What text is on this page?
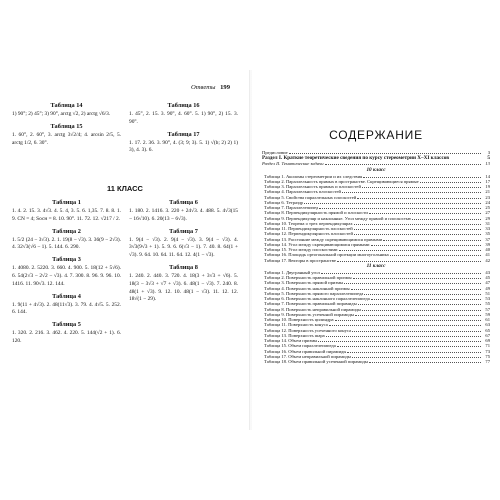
Ответы 199
Таблица 14
1) 90°; 2) 45°; 3) 90°, arctg √2, 2) arctg √6/3.
Таблица 15
1. 60°, 2. 60°, 3. arctg 3√2/4; 4. arcsin 2/5, 5. arctg 1/2, 6. 30°.
Таблица 16
1. 45°, 2. 15. 3. 90°, 4. 60°. 5. 1) 90°, 2) 15. 3. 90°.
Таблица 17
1. 17. 2. 36. 3. 90°, 4. (3; 9; 3). 5. 1) √(b; 2) 2) 1) 3), 4. 3). 6.
11 КЛАСС
Таблица 1
1. 4. 2. 15. 3. 4√3. 4. 5. 4, 3. 5. 6. 1,35. 7. 8. 8. 1. 9. CN = 4; Sосн = 8. 10. 90°. 11. 72. 12. √217 / 2.
Таблица 2
1. 5/2 (24 − 3√3). 2. 1. 19(8 − √3). 3. 36(9 − 2√3). 4. 32√3(√6 − 1). 5. 144. 6. 290.
Таблица 3
1. 4080. 2. 5220. 3. 660. 4. 900. 5. 18(12 + 5√6). 6. 54(2√3 − 2√2 − √3). 4. 7. 300. 8. 96. 9. 96. 10. 1416. 11. 90√3. 12. 144.
Таблица 4
1. 9(11 + 4√3). 2. 48(11√3). 3. 79. 4. 4√5. 5. 252. 6. 144.
Таблица 5
1. 320. 2. 216. 3. 462. 4. 220. 5. 144(√2 + 1). 6. 120.
Таблица 6
1. 180. 2. 1416. 3. 220 + 24√3. 4. 488. 5. 4√3(15 − 16√10). 6. 20(13 − 6√3).
Таблица 7
1. 9(4 − √3). 2. 9(4 − √3). 3. 9(4 − √3). 4. 3√3(9√3 + 1). 5. 9. 6. 6(√3 − 1). 7. 40. 8. 64(1 + √3). 9. 64. 10. 64. 11. 64. 12. 4(1 − √3).
Таблица 8
1. 240. 2. 440. 3. 720. 4. 18(3 + 3√3 + √6). 5. 18(3 − 3√3 + √7 + √3). 6. 48(1 − √3). 7. 240. 8. 48(1 + √3). 9. 12. 10. 48(1 − √3). 11. 12. 12. 18√(1 − 29).
СОДЕРЖАНИЕ
Предисловие	3
Раздел I. Краткие теоретические сведения по курсу стереометрии X–XI классов	5
Раздел II. Тематические задачи	13
10 класс
Таблица 1. Аксиомы стереометрии и их следствия	14
Таблица 2. Параллельность прямых в пространстве. Скрещивающиеся прямые	17
Таблица 3. Параллельность прямых и плоскостей	19
Таблица 4. Параллельность плоскостей	21
Таблица 5. Свойства параллельных плоскостей	23
Таблица 6. Тетраэдр	24
Таблица 7. Параллелепипед	25
Таблица 8. Перпендикулярность прямой и плоскости	27
Таблица 9. Перпендикуляр и наклонные. Угол между прямой и плоскостью	29
Таблица 10. Теорема о трех перпендикулярах	31
Таблица 11. Перпендикулярность плоскостей	33
Таблица 12. Перпендикулярность плоскостей	35
Таблица 13. Расстояние между скрещивающимися прямыми	37
Таблица 14. Угол между скрещивающимися прямыми	39
Таблица 15. Угол между плоскостями	40
Таблица 16. Площадь ортогональной проекции многоугольника	41
Таблица 17. Векторы в пространстве	42
11 класс
Таблица 1. Двугранный угол	43
Таблица 2. Поверхность правильной призмы	45
Таблица 3. Поверхность прямой призмы	47
Таблица 4. Поверхность наклонной призмы	49
Таблица 5. Поверхность прямого параллелепипеда	51
Таблица 6. Поверхность наклонного параллелепипеда	53
Таблица 7. Поверхность правильной пирамиды	55
Таблица 8. Поверхность неправильной пирамиды	57
Таблица 9. Поверхность усеченной пирамиды	59
Таблица 10. Поверхность цилиндра	61
Таблица 11. Поверхность конуса	63
Таблица 12. Поверхность усеченного конуса	65
Таблица 13. Поверхность шара	67
Таблица 14. Объем призмы	69
Таблица 15. Объем параллелепипеда	71
Таблица 16. Объем правильной пирамиды	73
Таблица 17. Объем неправильной пирамиды	75
Таблица 18. Объем правильной усеченной пирамиды	77
